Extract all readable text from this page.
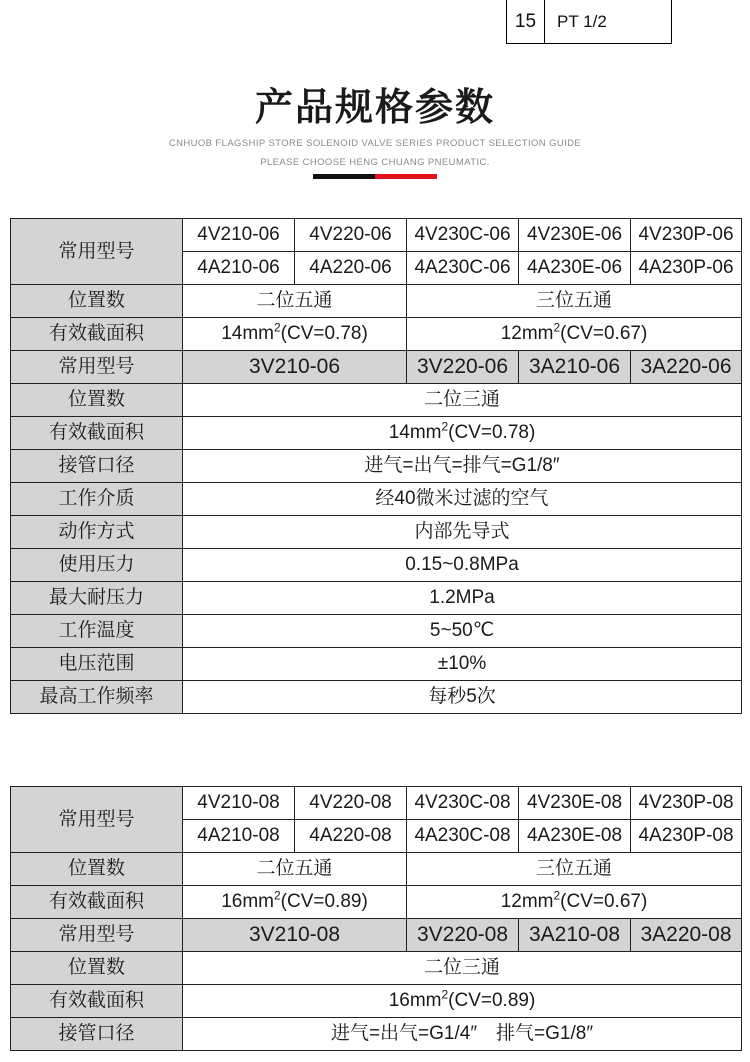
15	PT 1/2
产品规格参数
CNHUOB FLAGSHIP STORE SOLENOID VALVE SERIES PRODUCT SELECTION GUIDE
PLEASE CHOOSE HENG CHUANG PNEUMATIC.
常用型号	4V210-06	4V220-06	4V230C-06	4V230E-06	4V230P-06
	4A210-06	4A220-06	4A230C-06	4A230E-06	4A230P-06
位置数	二位五通		三位五通		
有效截面积	$14mm^2(CV=0.78)$		$12mm^2(CV=0.67)$		
常用型号	3V210-06		3V220-06	3A210-06	3A220-06
位置数	二位三通				
有效截面积	$14mm^2(CV=0.78)$				
接管口径	进气=出气=排气=G1/8″				
工作介质	经40微米过滤的空气				
动作方式	内部先导式				
使用压力	0.15~0.8MPa				
最大耐压力	1.2MPa				
工作温度	5~50℃				
电压范围	±10%				
最高工作频率	每秒5次				
常用型号	4V210-08	4V220-08	4V230C-08	4V230E-08	4V230P-08
	4A210-08	4A220-08	4A230C-08	4A230E-08	4A230P-08
位置数	二位五通		三位五通		
有效截面积	$16mm^2(CV=0.89)$		$12mm^2(CV=0.67)$		
常用型号	3V210-08		3V220-08	3A210-08	3A220-08
位置数	二位三通				
有效截面积	$16mm^2(CV=0.89)$				
接管口径	进气=出气=G1/4″　排气=G1/8″				
